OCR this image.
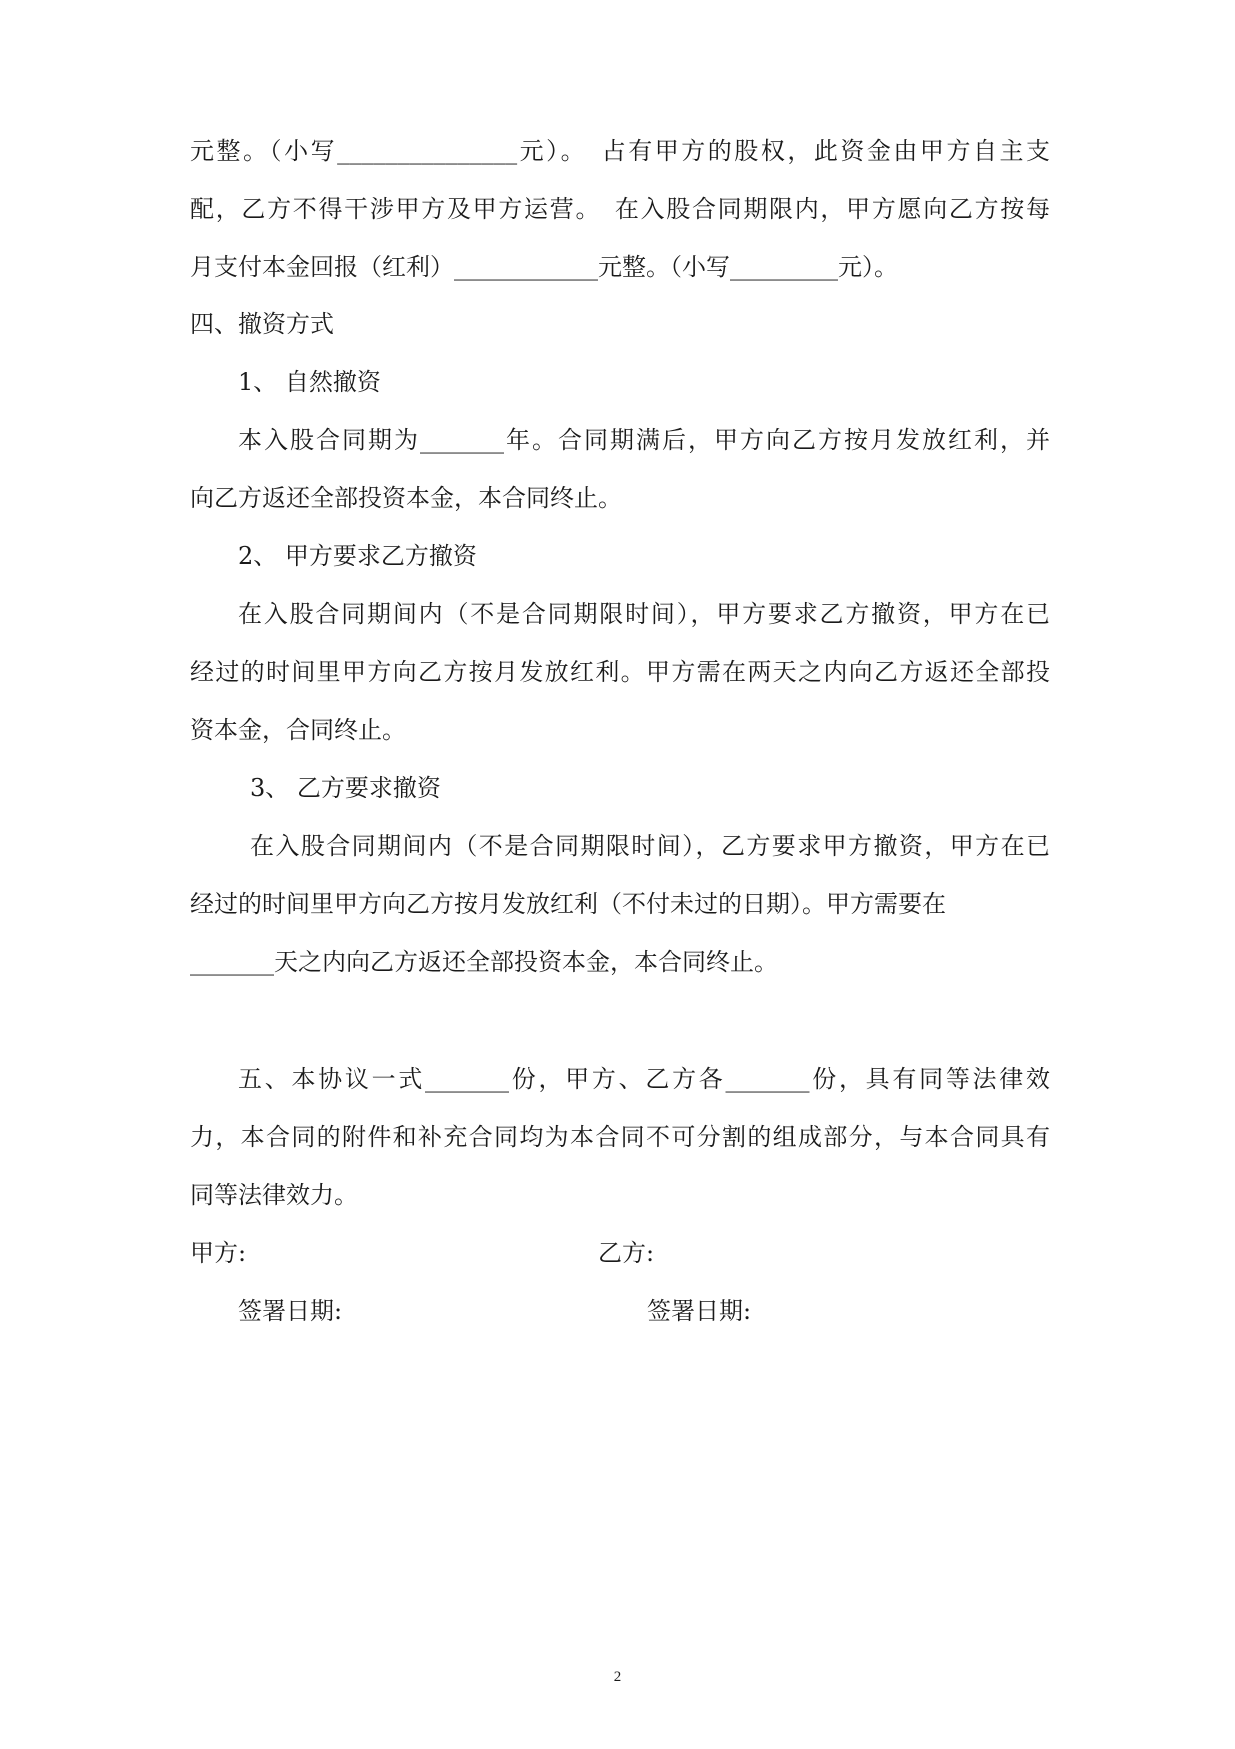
元整。（小写_______________元）。　占有甲方的股权，此资金由甲方自主支
配，乙方不得干涉甲方及甲方运营。　在入股合同期限内，甲方愿向乙方按每
月支付本金回报（红利）____________元整。（小写_________元）。
四、撤资方式
1、 自然撤资
本入股合同期为_______年。合同期满后，甲方向乙方按月发放红利，并
向乙方返还全部投资本金，本合同终止。
2、 甲方要求乙方撤资
在入股合同期间内（不是合同期限时间），甲方要求乙方撤资，甲方在已
经过的时间里甲方向乙方按月发放红利。甲方需在两天之内向乙方返还全部投
资本金，合同终止。
3、 乙方要求撤资
在入股合同期间内（不是合同期限时间），乙方要求甲方撤资，甲方在已
经过的时间里甲方向乙方按月发放红利（不付未过的日期）。甲方需要在
_______天之内向乙方返还全部投资本金，本合同终止。
五、本协议一式_______份，甲方、乙方各_______份，具有同等法律效
力，本合同的附件和补充合同均为本合同不可分割的组成部分，与本合同具有
同等法律效力。
甲方:	乙方:
签署日期:	签署日期:
2
